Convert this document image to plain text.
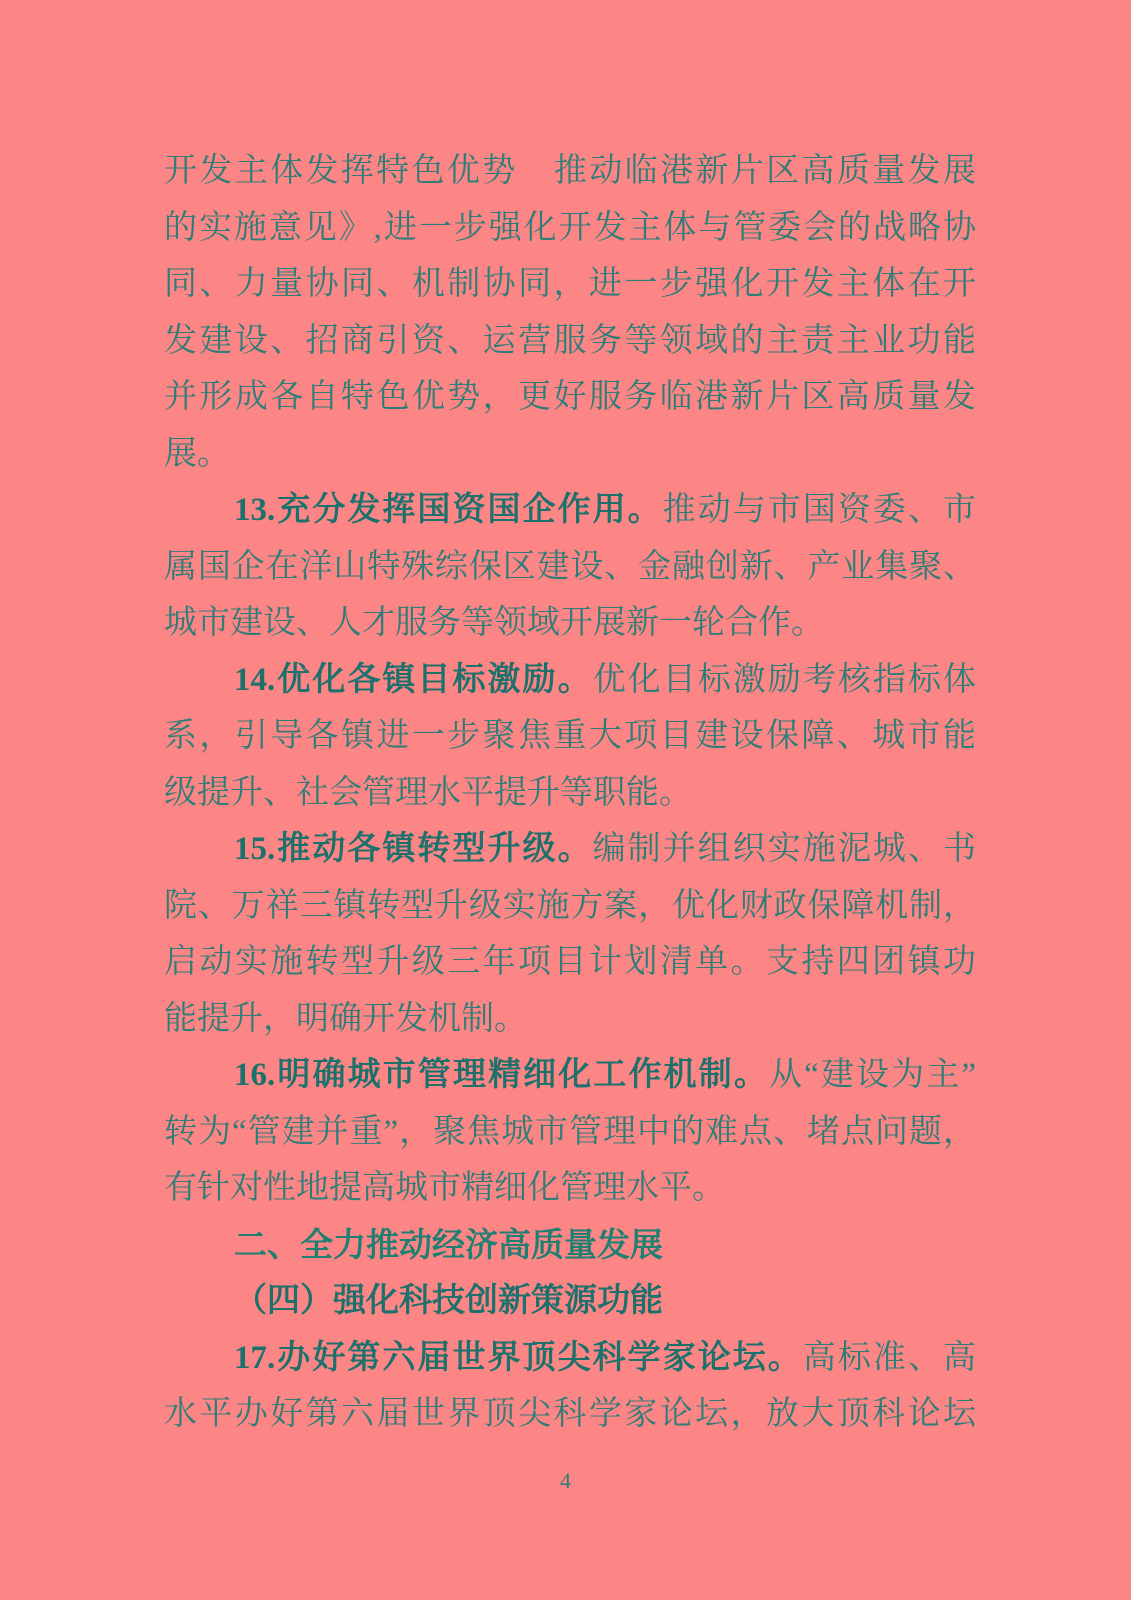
开发主体发挥特色优势 推动临港新片区高质量发展
的实施意见》,进一步强化开发主体与管委会的战略协
同、力量协同、机制协同，进一步强化开发主体在开
发建设、招商引资、运营服务等领域的主责主业功能
并形成各自特色优势，更好服务临港新片区高质量发
展。
13.充分发挥国资国企作用。推动与市国资委、市
属国企在洋山特殊综保区建设、金融创新、产业集聚、
城市建设、人才服务等领域开展新一轮合作。
14.优化各镇目标激励。优化目标激励考核指标体
系，引导各镇进一步聚焦重大项目建设保障、城市能
级提升、社会管理水平提升等职能。
15.推动各镇转型升级。编制并组织实施泥城、书
院、万祥三镇转型升级实施方案，优化财政保障机制，
启动实施转型升级三年项目计划清单。支持四团镇功
能提升，明确开发机制。
16.明确城市管理精细化工作机制。从“建设为主”
转为“管建并重”，聚焦城市管理中的难点、堵点问题，
有针对性地提高城市精细化管理水平。
二、全力推动经济高质量发展
（四）强化科技创新策源功能
17.办好第六届世界顶尖科学家论坛。高标准、高
水平办好第六届世界顶尖科学家论坛，放大顶科论坛
4
